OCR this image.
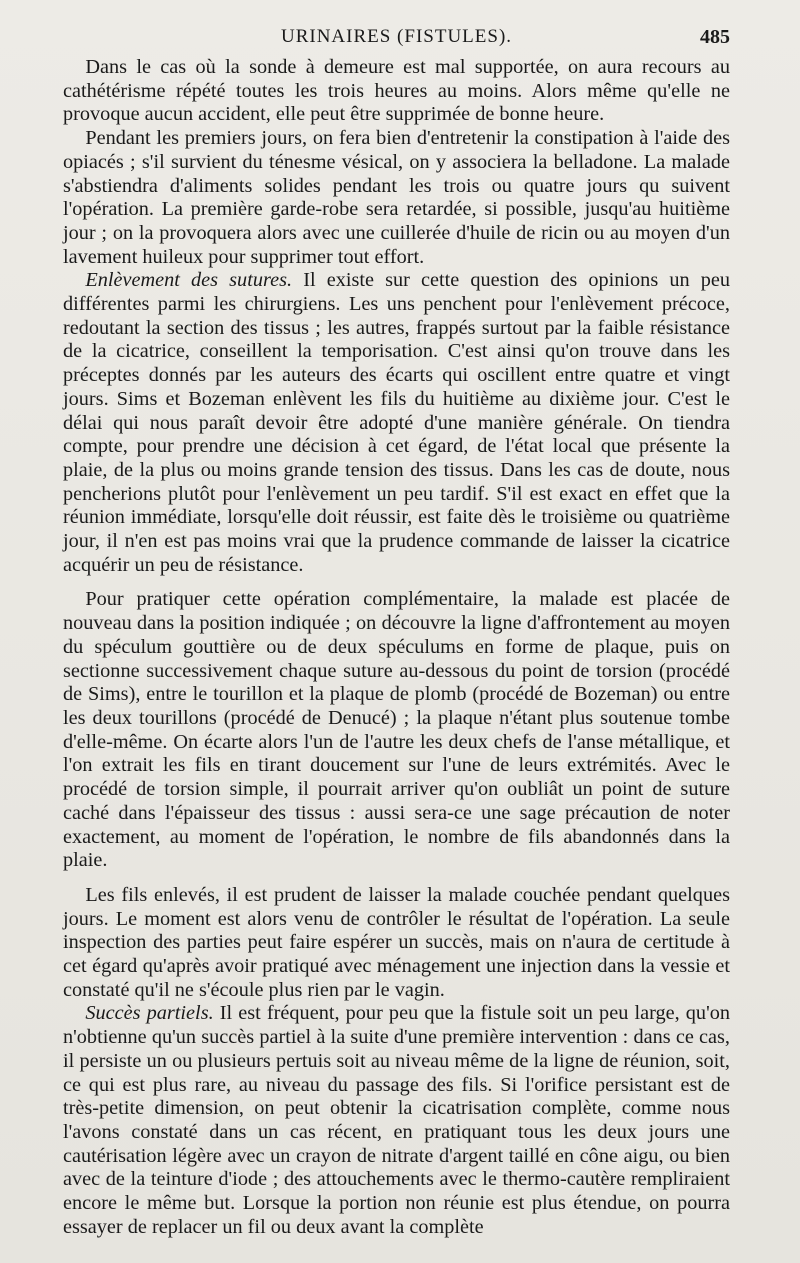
URINAIRES (FISTULES).	485

Dans le cas où la sonde à demeure est mal supportée, on aura recours au cathétérisme répété toutes les trois heures au moins. Alors même qu'elle ne provoque aucun accident, elle peut être supprimée de bonne heure.

Pendant les premiers jours, on fera bien d'entretenir la constipation à l'aide des opiacés ; s'il survient du ténesme vésical, on y associera la belladone. La malade s'abstiendra d'aliments solides pendant les trois ou quatre jours qu suivent l'opération. La première garde-robe sera retardée, si possible, jusqu'au huitième jour ; on la provoquera alors avec une cuillerée d'huile de ricin ou au moyen d'un lavement huileux pour supprimer tout effort.

Enlèvement des sutures. Il existe sur cette question des opinions un peu différentes parmi les chirurgiens. Les uns penchent pour l'enlèvement précoce, redoutant la section des tissus ; les autres, frappés surtout par la faible résistance de la cicatrice, conseillent la temporisation. C'est ainsi qu'on trouve dans les préceptes donnés par les auteurs des écarts qui oscillent entre quatre et vingt jours. Sims et Bozeman enlèvent les fils du huitième au dixième jour. C'est le délai qui nous paraît devoir être adopté d'une manière générale. On tiendra compte, pour prendre une décision à cet égard, de l'état local que présente la plaie, de la plus ou moins grande tension des tissus. Dans les cas de doute, nous pencherions plutôt pour l'enlèvement un peu tardif. S'il est exact en effet que la réunion immédiate, lorsqu'elle doit réussir, est faite dès le troisième ou quatrième jour, il n'en est pas moins vrai que la prudence commande de laisser la cicatrice acquérir un peu de résistance.

Pour pratiquer cette opération complémentaire, la malade est placée de nouveau dans la position indiquée ; on découvre la ligne d'affrontement au moyen du spéculum gouttière ou de deux spéculums en forme de plaque, puis on sectionne successivement chaque suture au-dessous du point de torsion (procédé de Sims), entre le tourillon et la plaque de plomb (procédé de Bozeman) ou entre les deux tourillons (procédé de Denucé) ; la plaque n'étant plus soutenue tombe d'elle-même. On écarte alors l'un de l'autre les deux chefs de l'anse métallique, et l'on extrait les fils en tirant doucement sur l'une de leurs extrémités. Avec le procédé de torsion simple, il pourrait arriver qu'on oubliât un point de suture caché dans l'épaisseur des tissus : aussi sera-ce une sage précaution de noter exactement, au moment de l'opération, le nombre de fils abandonnés dans la plaie.

Les fils enlevés, il est prudent de laisser la malade couchée pendant quelques jours. Le moment est alors venu de contrôler le résultat de l'opération. La seule inspection des parties peut faire espérer un succès, mais on n'aura de certitude à cet égard qu'après avoir pratiqué avec ménagement une injection dans la vessie et constaté qu'il ne s'écoule plus rien par le vagin.

Succès partiels. Il est fréquent, pour peu que la fistule soit un peu large, qu'on n'obtienne qu'un succès partiel à la suite d'une première intervention : dans ce cas, il persiste un ou plusieurs pertuis soit au niveau même de la ligne de réunion, soit, ce qui est plus rare, au niveau du passage des fils. Si l'orifice persistant est de très-petite dimension, on peut obtenir la cicatrisation complète, comme nous l'avons constaté dans un cas récent, en pratiquant tous les deux jours une cautérisation légère avec un crayon de nitrate d'argent taillé en cône aigu, ou bien avec de la teinture d'iode ; des attouchements avec le thermo-cautère rempliraient encore le même but. Lorsque la portion non réunie est plus étendue, on pourra essayer de replacer un fil ou deux avant la complète
